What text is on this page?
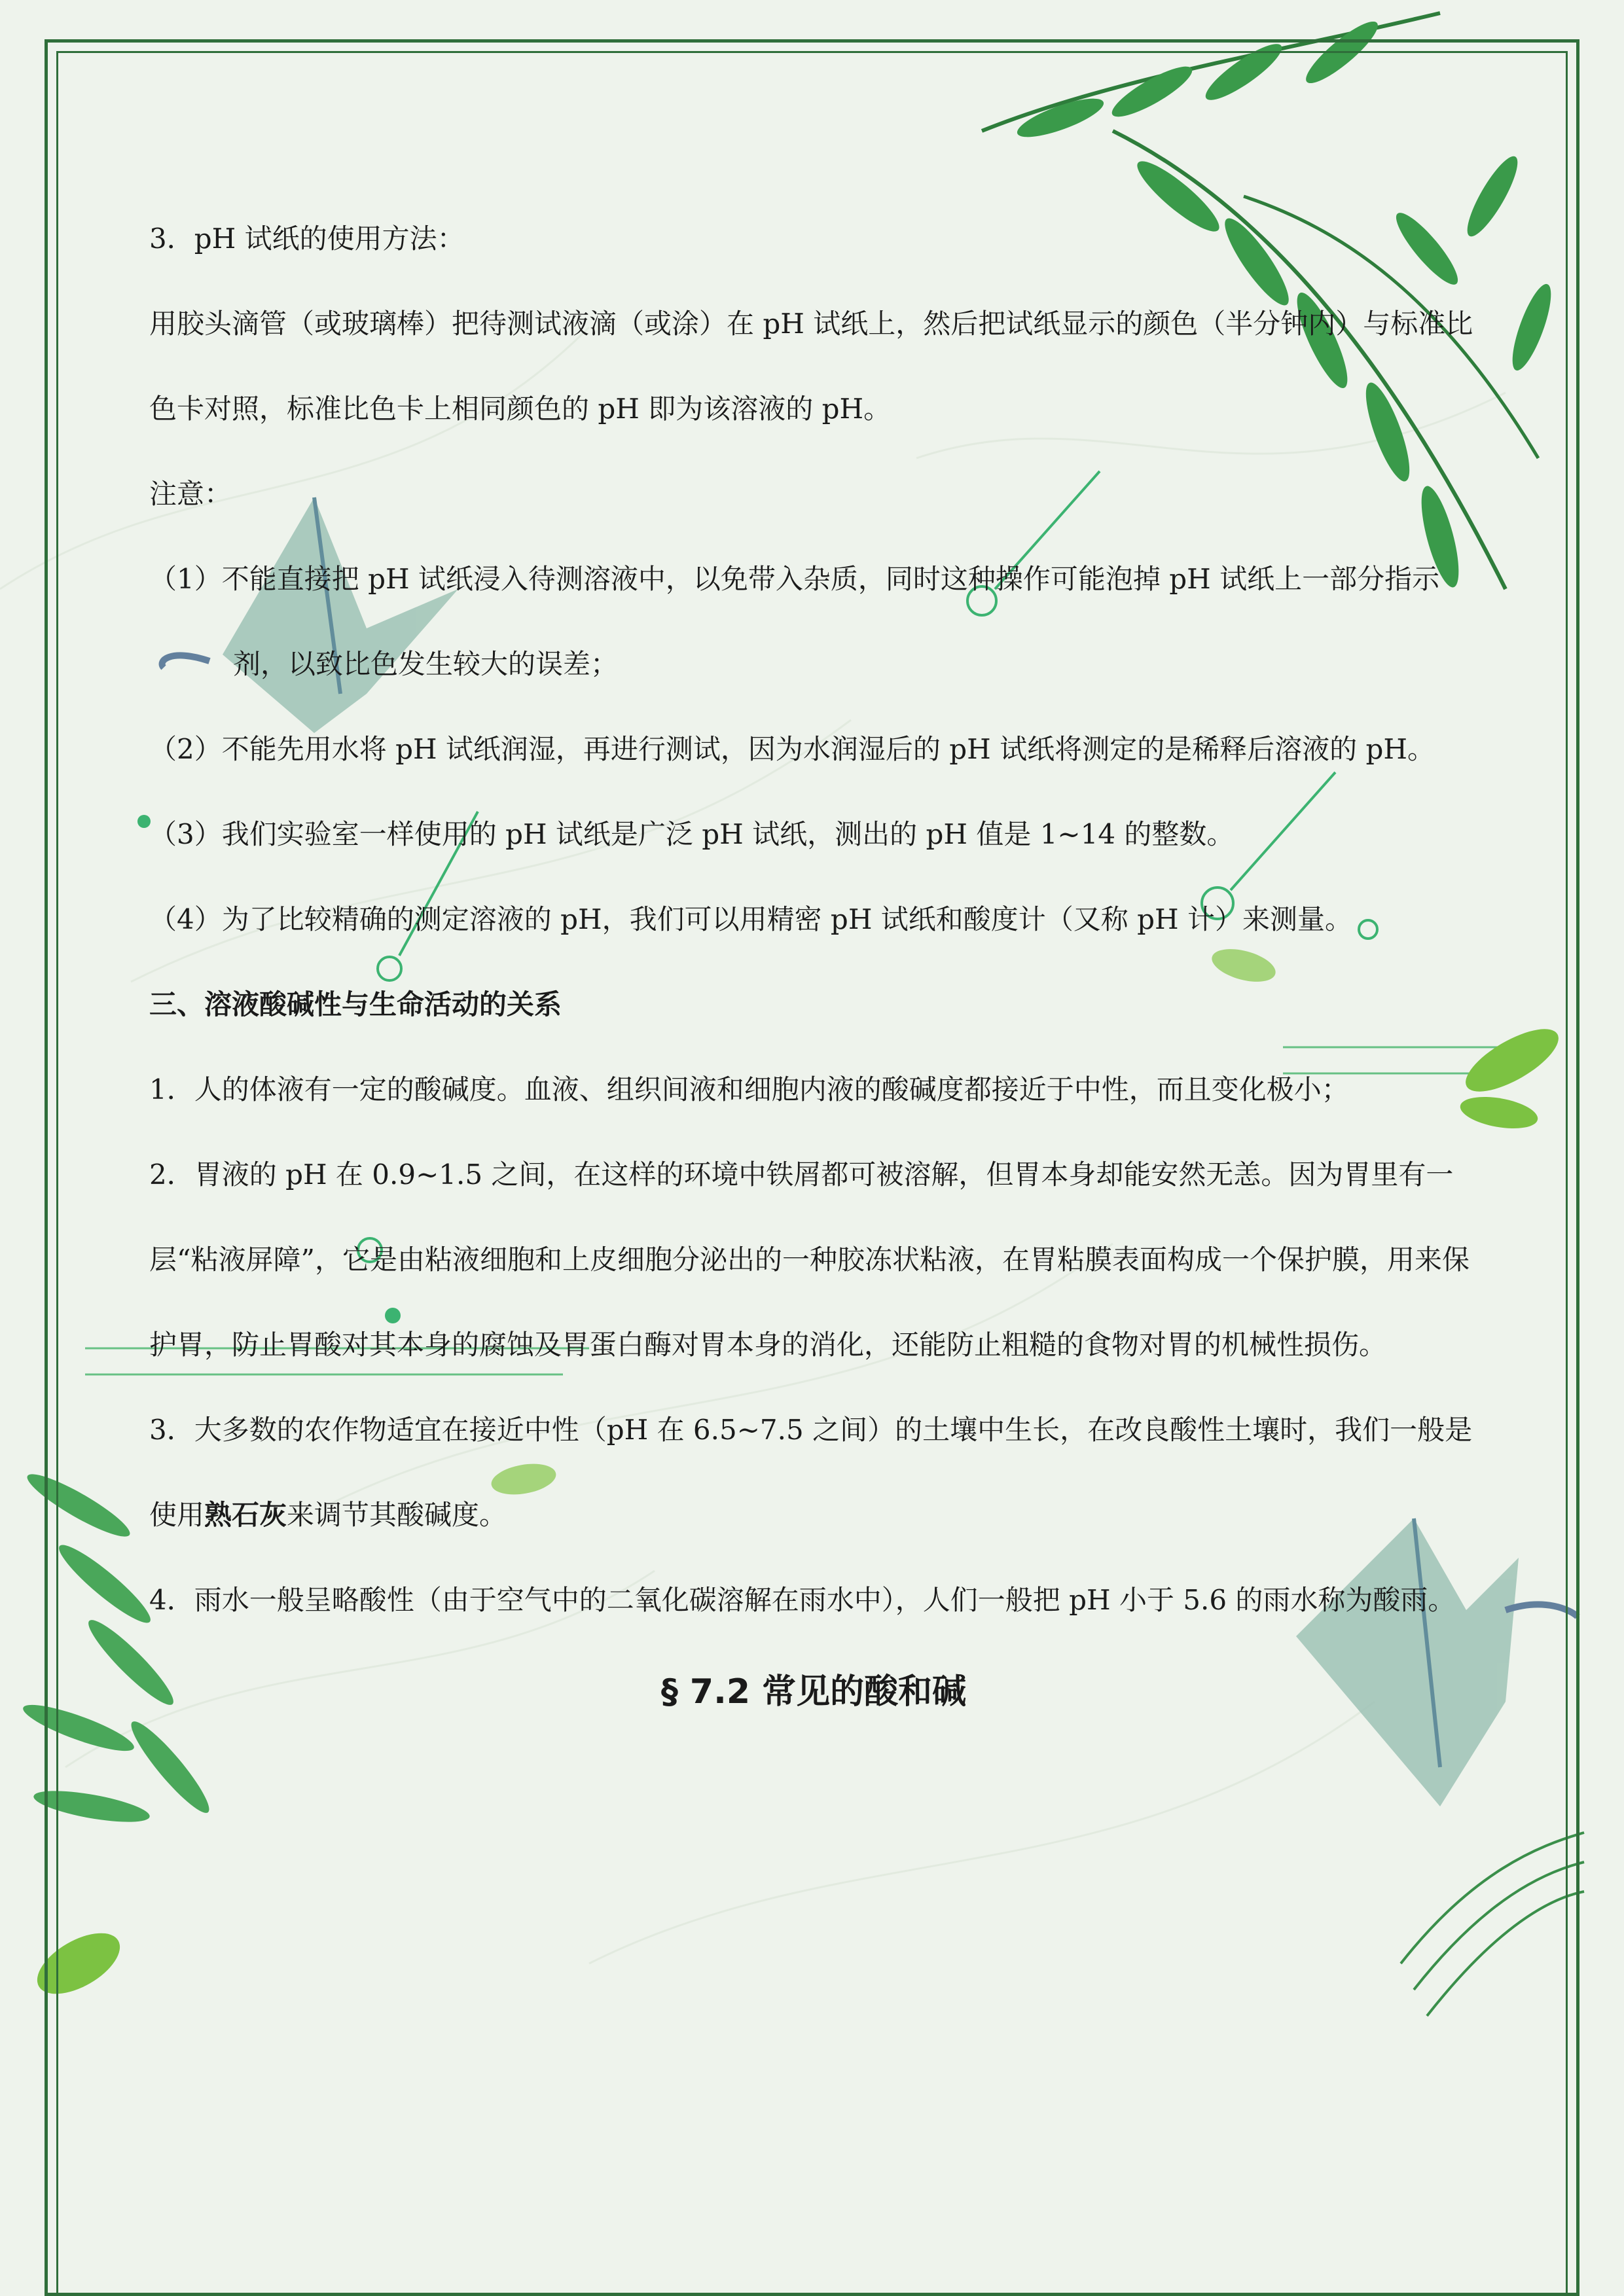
3．pH 试纸的使用方法：

用胶头滴管（或玻璃棒）把待测试液滴（或涂）在 pH 试纸上，然后把试纸显示的颜色（半分钟内）与标准比色卡对照，标准比色卡上相同颜色的 pH 即为该溶液的 pH。

注意：

（1）不能直接把 pH 试纸浸入待测溶液中，以免带入杂质，同时这种操作可能泡掉 pH 试纸上一部分指示剂，以致比色发生较大的误差；

（2）不能先用水将 pH 试纸润湿，再进行测试，因为水润湿后的 pH 试纸将测定的是稀释后溶液的 pH。

（3）我们实验室一样使用的 pH 试纸是广泛 pH 试纸，测出的 pH 值是 1~14 的整数。

（4）为了比较精确的测定溶液的 pH，我们可以用精密 pH 试纸和酸度计（又称 pH 计）来测量。

三、溶液酸碱性与生命活动的关系

1．人的体液有一定的酸碱度。血液、组织间液和细胞内液的酸碱度都接近于中性，而且变化极小；

2．胃液的 pH 在 0.9~1.5 之间，在这样的环境中铁屑都可被溶解，但胃本身却能安然无恙。因为胃里有一层“粘液屏障”，它是由粘液细胞和上皮细胞分泌出的一种胶冻状粘液，在胃粘膜表面构成一个保护膜，用来保护胃，防止胃酸对其本身的腐蚀及胃蛋白酶对胃本身的消化，还能防止粗糙的食物对胃的机械性损伤。

3．大多数的农作物适宜在接近中性（pH 在 6.5~7.5 之间）的土壤中生长，在改良酸性土壤时，我们一般是使用熟石灰来调节其酸碱度。

4．雨水一般呈略酸性（由于空气中的二氧化碳溶解在雨水中），人们一般把 pH 小于 5.6 的雨水称为酸雨。

§ 7.2 常见的酸和碱
